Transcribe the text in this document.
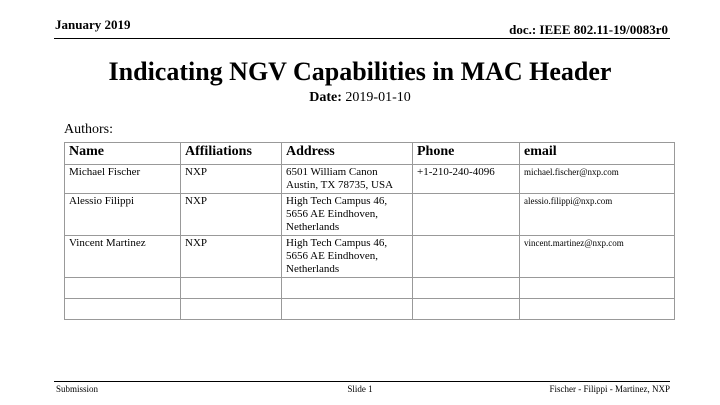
January 2019	doc.: IEEE 802.11-19/0083r0
Indicating NGV Capabilities in MAC Header
Date: 2019-01-10
Authors:
Name	Affiliations	Address	Phone	email
Michael Fischer	NXP	6501 William Canon Austin, TX 78735, USA	+1-210-240-4096	michael.fischer@nxp.com
Alessio Filippi	NXP	High Tech Campus 46, 5656 AE Eindhoven, Netherlands		alessio.filippi@nxp.com
Vincent Martinez	NXP	High Tech Campus 46, 5656 AE Eindhoven, Netherlands		vincent.martinez@nxp.com

Submission	Slide 1	Fischer - Filippi - Martinez, NXP
